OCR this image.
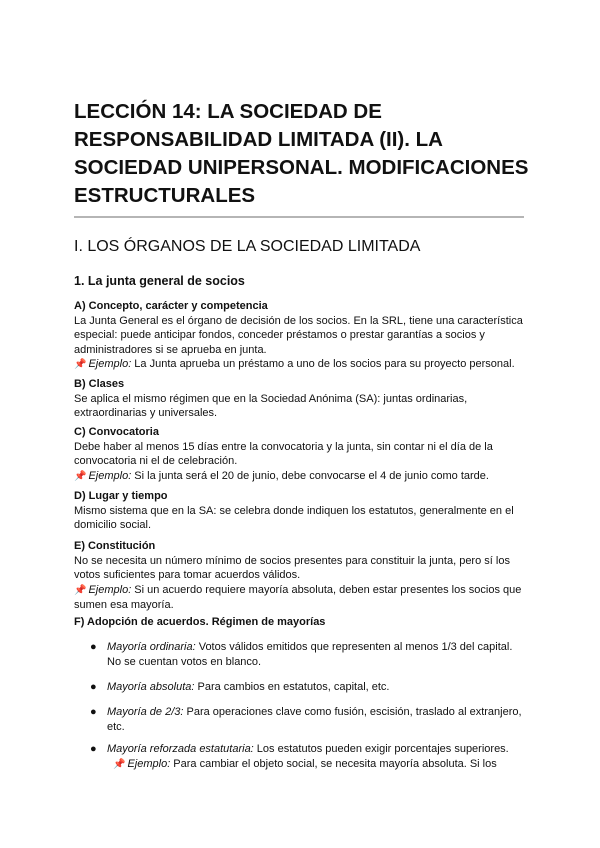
LECCIÓN 14: LA SOCIEDAD DE RESPONSABILIDAD LIMITADA (II). LA SOCIEDAD UNIPERSONAL. MODIFICACIONES ESTRUCTURALES
I. LOS ÓRGANOS DE LA SOCIEDAD LIMITADA
1. La junta general de socios
A) Concepto, carácter y competencia

La Junta General es el órgano de decisión de los socios. En la SRL, tiene una característica especial: puede anticipar fondos, conceder préstamos o prestar garantías a socios y administradores si se aprueba en junta.

📌 Ejemplo: La Junta aprueba un préstamo a uno de los socios para su proyecto personal.

B) Clases

Se aplica el mismo régimen que en la Sociedad Anónima (SA): juntas ordinarias, extraordinarias y universales.

C) Convocatoria

Debe haber al menos 15 días entre la convocatoria y la junta, sin contar ni el día de la convocatoria ni el de celebración.

📌 Ejemplo: Si la junta será el 20 de junio, debe convocarse el 4 de junio como tarde.

D) Lugar y tiempo

Mismo sistema que en la SA: se celebra donde indiquen los estatutos, generalmente en el domicilio social.

E) Constitución

No se necesita un número mínimo de socios presentes para constituir la junta, pero sí los votos suficientes para tomar acuerdos válidos.

📌 Ejemplo: Si un acuerdo requiere mayoría absoluta, deben estar presentes los socios que sumen esa mayoría.

F) Adopción de acuerdos. Régimen de mayorías
● Mayoría ordinaria: Votos válidos emitidos que representen al menos 1/3 del capital. No se cuentan votos en blanco.
● Mayoría absoluta: Para cambios en estatutos, capital, etc.
● Mayoría de 2/3: Para operaciones clave como fusión, escisión, traslado al extranjero, etc.
● Mayoría reforzada estatutaria: Los estatutos pueden exigir porcentajes superiores.
📌 Ejemplo: Para cambiar el objeto social, se necesita mayoría absoluta. Si los
